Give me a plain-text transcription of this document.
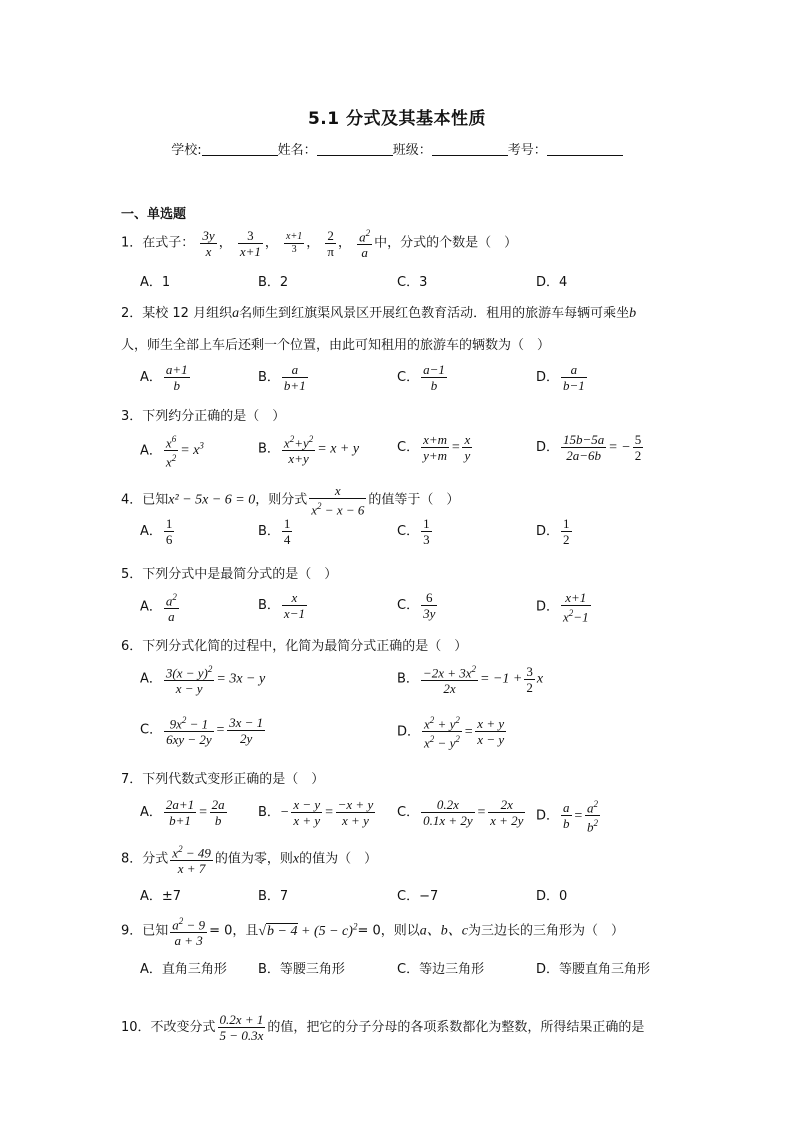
5.1 分式及其基本性质
学校:	姓名：	班级：	考号：
一、单选题
1．在式子： $\frac{3y}{x}$ ， $\frac{3}{x+1}$ ， $\frac{x+1}{3}$ ， $\frac{2}{\pi}$ ， $\frac{a^2}{a}$ 中，分式的个数是（　）
A．1	B．2	C．3	D．4
2．某校 12 月组织a名师生到红旗渠风景区开展红色教育活动．租用的旅游车每辆可乘坐b
人，师生全部上车后还剩一个位置，由此可知租用的旅游车的辆数为（　）
A． $\frac{a+1}{b}$	B． $\frac{a}{b+1}$	C． $\frac{a-1}{b}$	D． $\frac{a}{b-1}$
3．下列约分正确的是（　）
A． $\frac{x^6}{x^2} = x^3$	B． $\frac{x^2+y^2}{x+y} = x + y$	C． $\frac{x+m}{y+m} = \frac{x}{y}$	D． $\frac{15b-5a}{2a-6b}$ = − $\frac{5}{2}$
4．已知x² − 5x − 6 = 0，则分式 $\frac{x}{x^2 - x - 6}$ 的值等于（　）
A． $\frac{1}{6}$	B． $\frac{1}{4}$	C． $\frac{1}{3}$	D． $\frac{1}{2}$
5．下列分式中是最简分式的是（　）
A． $\frac{a^2}{a}$	B． $\frac{x}{x-1}$	C． $\frac{6}{3y}$	D． $\frac{x+1}{x^2-1}$
6．下列分式化简的过程中，化简为最简分式正确的是（　）
A． $\frac{3(x - y)^2}{x - y} = 3x - y$	B． $\frac{-2x + 3x^2}{2x} = -1 + \frac{3}{2}$ x
C． $\frac{9x^2 - 1}{6xy - 2y} = \frac{3x - 1}{2y}$	D． $\frac{x^2 + y^2}{x^2 - y^2} = \frac{x + y}{x - y}$
7．下列代数式变形正确的是（　）
A． $\frac{2a+1}{b+1} = \frac{2a}{b}$ B．− $\frac{x - y}{x + y} = \frac{-x + y}{x + y}$ C． $\frac{0.2x}{0.1x + 2y} = \frac{2x}{x + 2y}$ D． $\frac{a}{b} = \frac{a^2}{b^2}$
8．分式 $\frac{x^2 - 49}{x + 7}$ 的值为零，则x的值为（　）
A．±7	B．7	C．−7	D．0
9．已知 $\frac{a^2 - 9}{a + 3} = 0$，且$√b - 4 + (5 - c)^2= 0$，则以a、b、c为三边长的三角形为（　）
A．直角三角形 B．等腰三角形	C．等边三角形	D．等腰直角三角形
10．不改变分式 $\frac{0.2x + 1}{5 - 0.3x}$ 的值，把它的分子分母的各项系数都化为整数，所得结果正确的是
